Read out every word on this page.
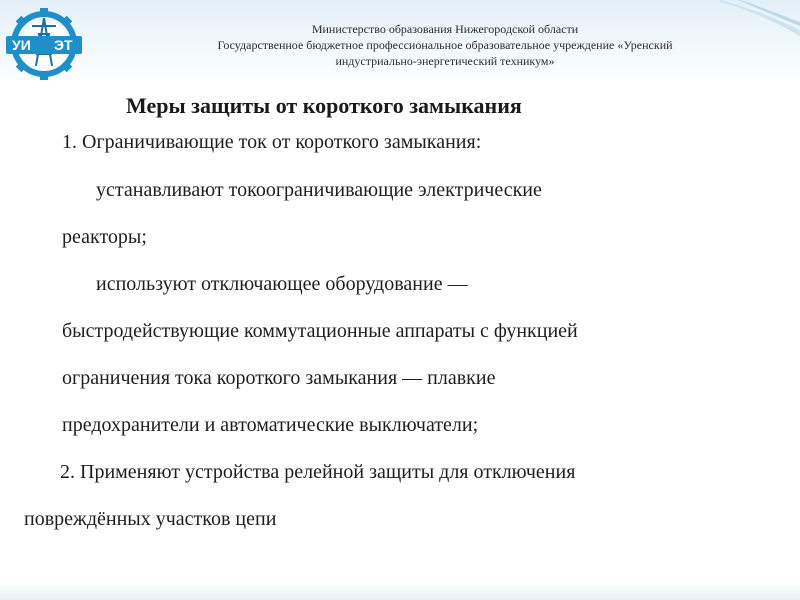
УИ ЭТ
Министерство образования Нижегородской области
Государственное бюджетное профессиональное образовательное учреждение «Уренский
индустриально-энергетический техникум»
Меры защиты от короткого замыкания
1. Ограничивающие ток от короткого замыкания:
устанавливают токоограничивающие электрические
реакторы;
используют отключающее оборудование —
быстродействующие коммутационные аппараты с функцией
ограничения тока короткого замыкания — плавкие
предохранители и автоматические выключатели;
2. Применяют устройства релейной защиты для отключения
повреждённых участков цепи
